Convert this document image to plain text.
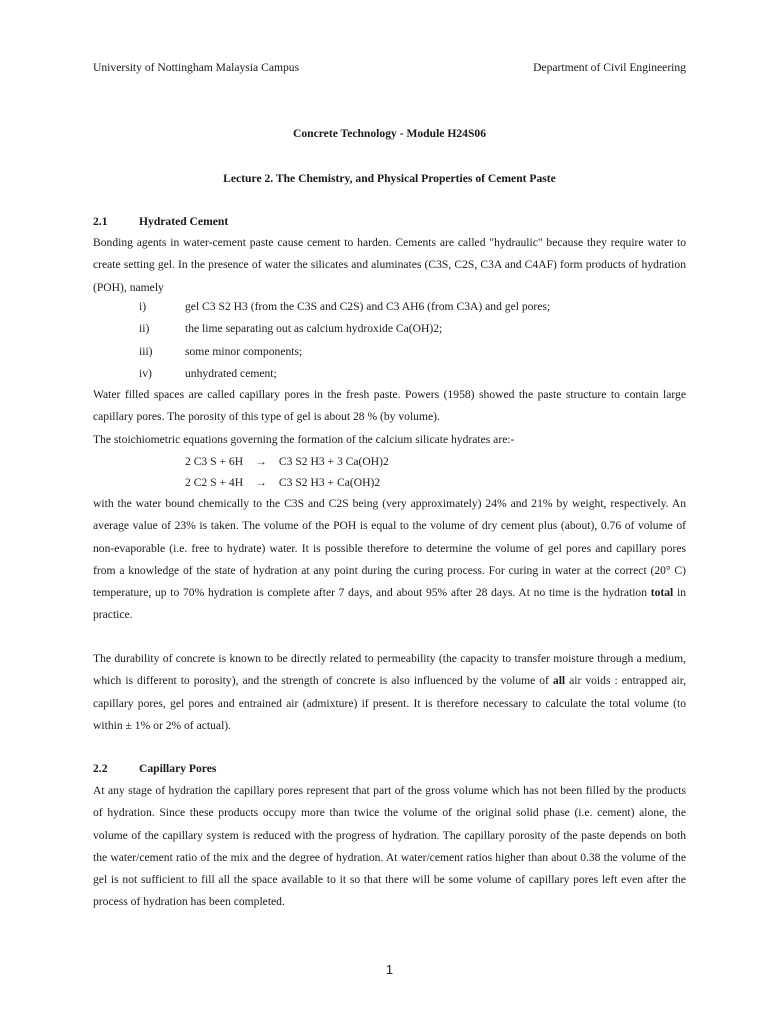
University of Nottingham Malaysia Campus	Department of Civil Engineering
Concrete Technology - Module H24S06
Lecture 2. The Chemistry, and Physical Properties of Cement Paste
2.1	Hydrated Cement

Bonding agents in water-cement paste cause cement to harden. Cements are called "hydraulic" because they require water to create setting gel. In the presence of water the silicates and aluminates (C3S, C2S, C3A and C4AF) form products of hydration (POH), namely

i)	gel C3 S2 H3 (from the C3S and C2S) and C3 AH6 (from C3A) and gel pores;
ii)	the lime separating out as calcium hydroxide Ca(OH)2;
iii)	some minor components;
iv)	unhydrated cement;

Water filled spaces are called capillary pores in the fresh paste. Powers (1958) showed the paste structure to contain large capillary pores. The porosity of this type of gel is about 28 % (by volume).

The stoichiometric equations governing the formation of the calcium silicate hydrates are:-

2 C3 S + 6H → C3 S2 H3 + 3 Ca(OH)2
2 C2 S + 4H → C3 S2 H3 + Ca(OH)2

with the water bound chemically to the C3S and C2S being (very approximately) 24% and 21% by weight, respectively. An average value of 23% is taken. The volume of the POH is equal to the volume of dry cement plus (about), 0.76 of volume of non-evaporable (i.e. free to hydrate) water. It is possible therefore to determine the volume of gel pores and capillary pores from a knowledge of the state of hydration at any point during the curing process. For curing in water at the correct (20° C) temperature, up to 70% hydration is complete after 7 days, and about 95% after 28 days. At no time is the hydration total in practice.

The durability of concrete is known to be directly related to permeability (the capacity to transfer moisture through a medium, which is different to porosity), and the strength of concrete is also influenced by the volume of all air voids : entrapped air, capillary pores, gel pores and entrained air (admixture) if present. It is therefore necessary to calculate the total volume (to within ± 1% or 2% of actual).

2.2	Capillary Pores

At any stage of hydration the capillary pores represent that part of the gross volume which has not been filled by the products of hydration. Since these products occupy more than twice the volume of the original solid phase (i.e. cement) alone, the volume of the capillary system is reduced with the progress of hydration. The capillary porosity of the paste depends on both the water/cement ratio of the mix and the degree of hydration. At water/cement ratios higher than about 0.38 the volume of the gel is not sufficient to fill all the space available to it so that there will be some volume of capillary pores left even after the process of hydration has been completed.

1
